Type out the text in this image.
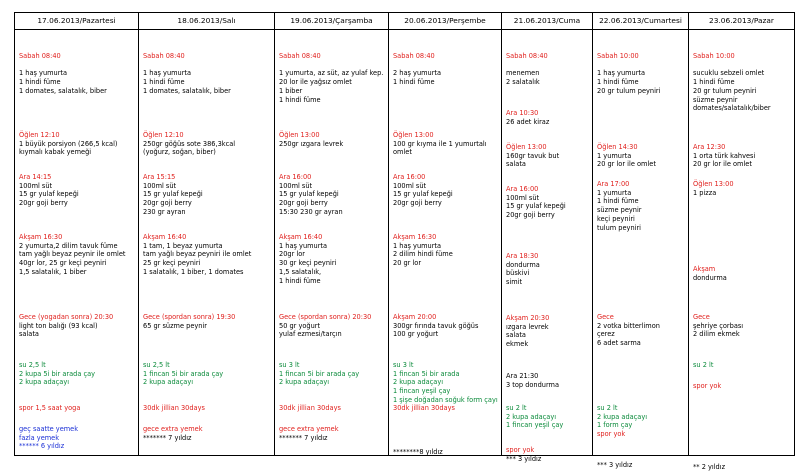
17.06.2013/Pazartesi
Sabah 08:40

1 haş yumurta
1 hindi füme
1 domates, salatalık, biber
Öğlen 12:10
1 büyük porsiyon (266,5 kcal)
kıymalı kabak yemeği
Ara 14:15
100ml süt
15 gr yulaf kepeği
20gr goji berry
Akşam 16:30
2 yumurta,2 dilim tavuk füme
tam yağlı beyaz peynir ile omlet
40gr lor, 25 gr keçi peyniri
1,5 salatalık, 1 biber
Gece (yogadan sonra) 20:30
light ton balığı (93 kcal)
salata
su 2,5 lt
2 kupa 5i bir arada çay
2 kupa adaçayı
spor 1,5 saat yoga
geç saatte yemek
fazla yemek
****** 6 yıldız
18.06.2013/Salı
Sabah 08:40

1 haş yumurta
1 hindi füme
1 domates, salatalık, biber
Öğlen 12:10
250gr göğüs sote 386,3kcal
(yoğurz, soğan, biber)
Ara 15:15
100ml süt
15 gr yulaf kepeği
20gr goji berry
230 gr ayran
Akşam 16:40
1 tam, 1 beyaz yumurta
tam yağlı beyaz peyniri ile omlet
25 gr keçi peyniri
1 salatalık, 1 biber, 1 domates
Gece (spordan sonra) 19:30
65 gr süzme peynir
su 2,5 lt
1 fincan 5i bir arada çay
2 kupa adaçayı
30dk jillian 30days
gece extra yemek
******* 7 yıldız
19.06.2013/Çarşamba
Sabah 08:40

1 yumurta, az süt, az yulaf kep.
20 lor ile yağsız omlet
1 biber
1 hindi füme
Öğlen 13:00
250gr ızgara levrek
Ara 16:00
100ml süt
15 gr yulaf kepeği
20gr goji berry
15:30 230 gr ayran
Akşam 16:40
1 haş yumurta
20gr lor
30 gr keçi peyniri
1,5 salatalık,
1 hindi füme
Gece (spordan sonra) 20:30
50 gr yoğurt
yulaf ezmesi/tarçın
su 3 lt
1 fincan 5i bir arada çay
2 kupa adaçayı
30dk jillian 30days
gece extra yemek
******* 7 yıldız
20.06.2013/Perşembe
Sabah 08:40

2 haş yumurta
1 hindi füme
Öğlen 13:00
100 gr kıyma ile 1 yumurtalı
omlet
Ara 16:00
100ml süt
15 gr yulaf kepeği
20gr goji berry
Akşam 16:30
1 haş yumurta
2 dilim hindi füme
20 gr lor
Akşam 20:00
300gr fırında tavuk göğüs
100 gr yoğurt
su 3 lt
1 fincan 5i bir arada
2 kupa adaçayı
1 fincan yeşil çay
1 şişe doğadan soğuk form çayı
30dk jillian 30days
********8 yıldız
21.06.2013/Cuma
Sabah 08:40

menemen
2 salatalık
Ara 10:30
26 adet kiraz
Öğlen 13:00
160gr tavuk but
salata
Ara 16:00
100ml süt
15 gr yulaf kepeği
20gr goji berry
Ara 18:30
dondurma
büskivi
simit
Akşam 20:30
ızgara levrek
salata
ekmek
Ara 21:30
3 top dondurma
su 2 lt
2 kupa adaçayı
1 fincan yeşil çay
spor yok
*** 3 yıldız
22.06.2013/Cumartesi
Sabah 10:00

1 haş yumurta
1 hindi füme
20 gr tulum peyniri
Öğlen 14:30
1 yumurta
20 gr lor ile omlet
Ara 17:00
1 yumurta
1 hindi füme
süzme peynir
keçi peyniri
tulum peyniri
Gece
2 votka bitterlimon
çerez
6 adet sarma
su 2 lt
2 kupa adaçayı
1 form çay
spor yok
*** 3 yıldız
23.06.2013/Pazar
Sabah 10:00

sucuklu sebzeli omlet
1 hindi füme
20 gr tulum peyniri
süzme peynir
domates/salatalık/biber
Ara 12:30
1 orta türk kahvesi
20 gr lor ile omlet
Öğlen 13:00
1 pizza
Akşam
dondurma
Gece
şehriye çorbası
2 dilim ekmek
su 2 lt
spor yok
** 2 yıldız
